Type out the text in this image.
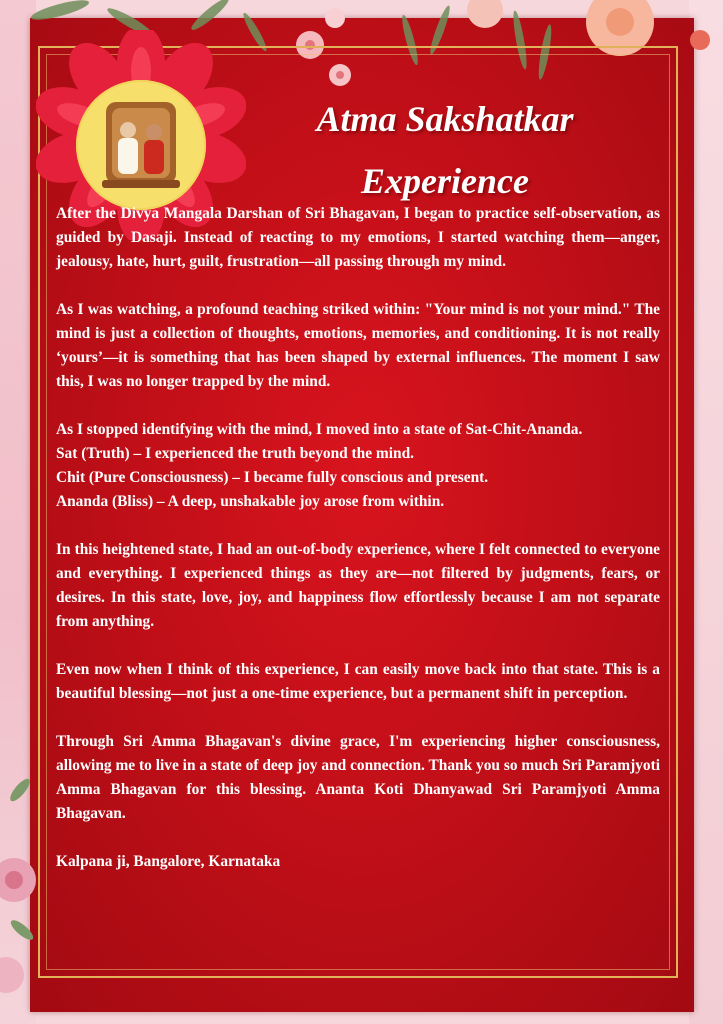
Atma Sakshatkar
Experience

After the Divya Mangala Darshan of Sri Bhagavan, I began to practice self-observation, as guided by Dasaji. Instead of reacting to my emotions, I started watching them—anger, jealousy, hate, hurt, guilt, frustration—all passing through my mind.

As I was watching, a profound teaching striked within: "Your mind is not your mind." The mind is just a collection of thoughts, emotions, memories, and conditioning. It is not really ‘yours’—it is something that has been shaped by external influences. The moment I saw this, I was no longer trapped by the mind.

As I stopped identifying with the mind, I moved into a state of Sat-Chit-Ananda.
Sat (Truth) – I experienced the truth beyond the mind.
Chit (Pure Consciousness) – I became fully conscious and present.
Ananda (Bliss) – A deep, unshakable joy arose from within.

In this heightened state, I had an out-of-body experience, where I felt connected to everyone and everything. I experienced things as they are—not filtered by judgments, fears, or desires. In this state, love, joy, and happiness flow effortlessly because I am not separate from anything.

Even now when I think of this experience, I can easily move back into that state. This is a beautiful blessing—not just a one-time experience, but a permanent shift in perception.

Through Sri Amma Bhagavan's divine grace, I'm experiencing higher consciousness, allowing me to live in a state of deep joy and connection. Thank you so much Sri Paramjyoti Amma Bhagavan for this blessing. Ananta Koti Dhanyawad Sri Paramjyoti Amma Bhagavan.

Kalpana ji, Bangalore, Karnataka
